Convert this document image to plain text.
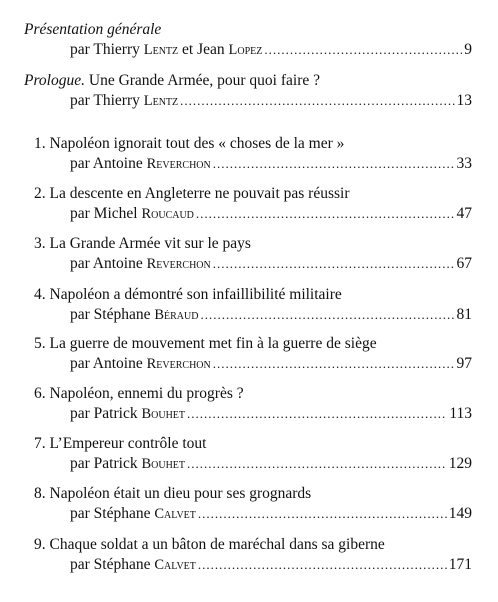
Présentation générale
par Thierry Lentz et Jean Lopez .....	9
Prologue. Une Grande Armée, pour quoi faire ?
par Thierry Lentz .....	13
1. Napoléon ignorait tout des « choses de la mer »
par Antoine Reverchon .....	33
2. La descente en Angleterre ne pouvait pas réussir
par Michel Roucaud .....	47
3. La Grande Armée vit sur le pays
par Antoine Reverchon .....	67
4. Napoléon a démontré son infaillibilité militaire
par Stéphane Béraud .....	81
5. La guerre de mouvement met fin à la guerre de siège
par Antoine Reverchon .....	97
6. Napoléon, ennemi du progrès ?
par Patrick Bouhet .....	113
7. L’Empereur contrôle tout
par Patrick Bouhet .....	129
8. Napoléon était un dieu pour ses grognards
par Stéphane Calvet .....	149
9. Chaque soldat a un bâton de maréchal dans sa giberne
par Stéphane Calvet .....	171
